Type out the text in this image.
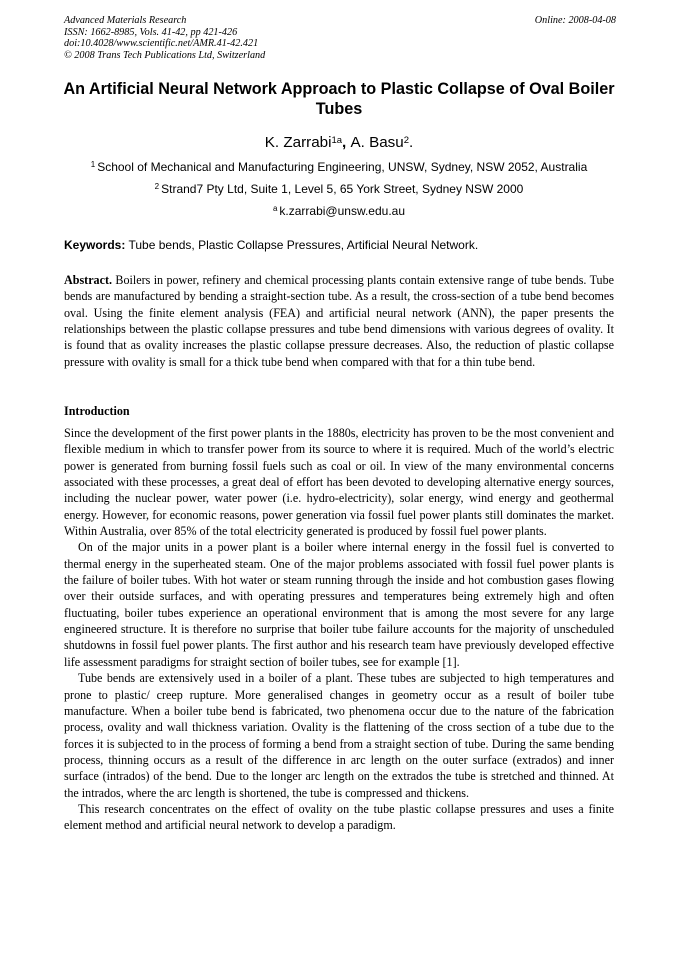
Advanced Materials Research
ISSN: 1662-8985, Vols. 41-42, pp 421-426
doi:10.4028/www.scientific.net/AMR.41-42.421
© 2008 Trans Tech Publications Ltd, Switzerland
Online: 2008-04-08
An Artificial Neural Network Approach to Plastic Collapse of Oval Boiler Tubes
K. Zarrabi$^{1a}$, A. Basu$^2$.
$^1$ School of Mechanical and Manufacturing Engineering, UNSW, Sydney, NSW 2052, Australia
$^2$ Strand7 Pty Ltd, Suite 1, Level 5, 65 York Street, Sydney NSW 2000
$^a$ k.zarrabi@unsw.edu.au
Keywords: Tube bends, Plastic Collapse Pressures, Artificial Neural Network.

Abstract. Boilers in power, refinery and chemical processing plants contain extensive range of tube bends. Tube bends are manufactured by bending a straight-section tube. As a result, the cross-section of a tube bend becomes oval. Using the finite element analysis (FEA) and artificial neural network (ANN), the paper presents the relationships between the plastic collapse pressures and tube bend dimensions with various degrees of ovality. It is found that as ovality increases the plastic collapse pressure decreases. Also, the reduction of plastic collapse pressure with ovality is small for a thick tube bend when compared with that for a thin tube bend.

Introduction

Since the development of the first power plants in the 1880s, electricity has proven to be the most convenient and flexible medium in which to transfer power from its source to where it is required. Much of the world’s electric power is generated from burning fossil fuels such as coal or oil. In view of the many environmental concerns associated with these processes, a great deal of effort has been devoted to developing alternative energy sources, including the nuclear power, water power (i.e. hydro-electricity), solar energy, wind energy and geothermal energy. However, for economic reasons, power generation via fossil fuel power plants still dominates the market. Within Australia, over 85% of the total electricity generated is produced by fossil fuel power plants.

On of the major units in a power plant is a boiler where internal energy in the fossil fuel is converted to thermal energy in the superheated steam. One of the major problems associated with fossil fuel power plants is the failure of boiler tubes. With hot water or steam running through the inside and hot combustion gases flowing over their outside surfaces, and with operating pressures and temperatures being extremely high and often fluctuating, boiler tubes experience an operational environment that is among the most severe for any large engineered structure. It is therefore no surprise that boiler tube failure accounts for the majority of unscheduled shutdowns in fossil fuel power plants. The first author and his research team have previously developed effective life assessment paradigms for straight section of boiler tubes, see for example [1].

Tube bends are extensively used in a boiler of a plant. These tubes are subjected to high temperatures and prone to plastic/ creep rupture. More generalised changes in geometry occur as a result of boiler tube manufacture. When a boiler tube bend is fabricated, two phenomena occur due to the nature of the fabrication process, ovality and wall thickness variation. Ovality is the flattening of the cross section of a tube due to the forces it is subjected to in the process of forming a bend from a straight section of tube. During the same bending process, thinning occurs as a result of the difference in arc length on the outer surface (extrados) and inner surface (intrados) of the bend. Due to the longer arc length on the extrados the tube is stretched and thinned. At the intrados, where the arc length is shortened, the tube is compressed and thickens.

This research concentrates on the effect of ovality on the tube plastic collapse pressures and uses a finite element method and artificial neural network to develop a paradigm.
